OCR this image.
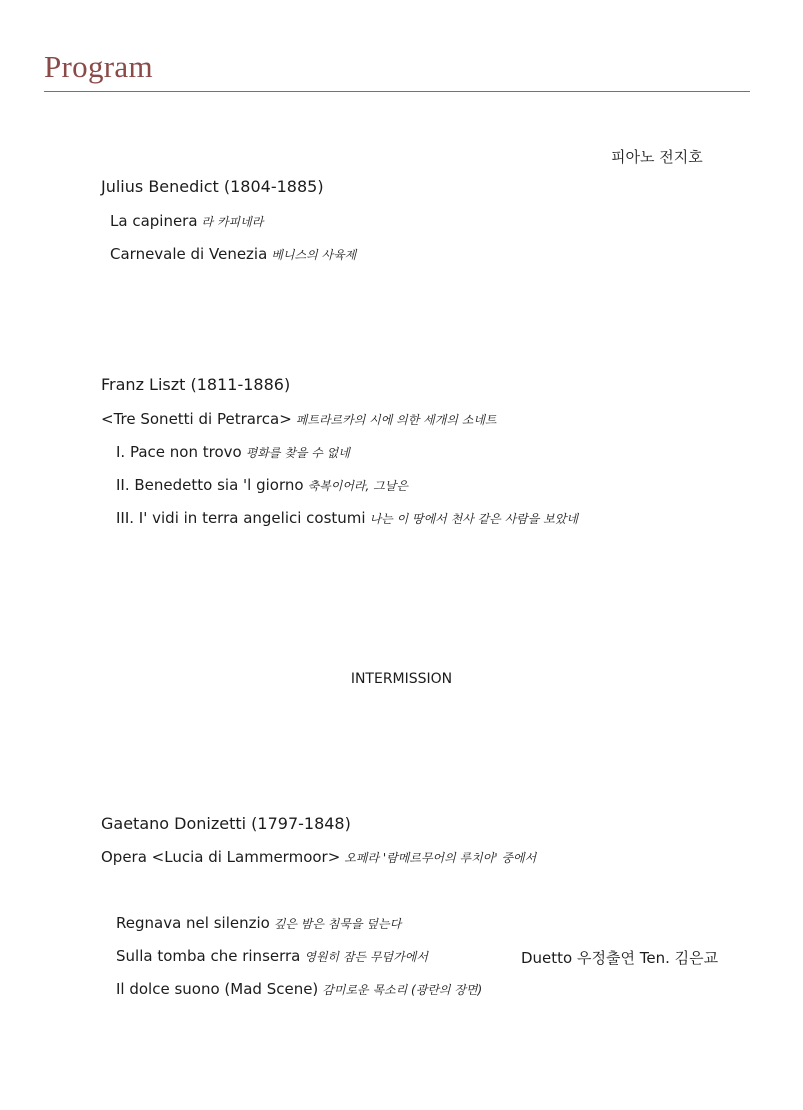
Program
피아노 전지호
Julius Benedict (1804-1885)
La capinera 라 카피네라
Carnevale di Venezia 베니스의 사육제
Franz Liszt (1811-1886)
<Tre Sonetti di Petrarca> 페트라르카의 시에 의한 세개의 소네트
I. Pace non trovo 평화를 찾을 수 없네
II. Benedetto sia 'l giorno 축복이어라, 그날은
III. I' vidi in terra angelici costumi 나는 이 땅에서 천사 같은 사람을 보았네
INTERMISSION
Gaetano Donizetti (1797-1848)
Opera <Lucia di Lammermoor> 오페라 '람메르무어의 루치아' 중에서
Regnava nel silenzio 깊은 밤은 침묵을 덮는다
Sulla tomba che rinserra 영원히 잠든 무덤가에서	Duetto 우정출연 Ten. 김은교
Il dolce suono (Mad Scene) 감미로운 목소리 (광란의 장면)
